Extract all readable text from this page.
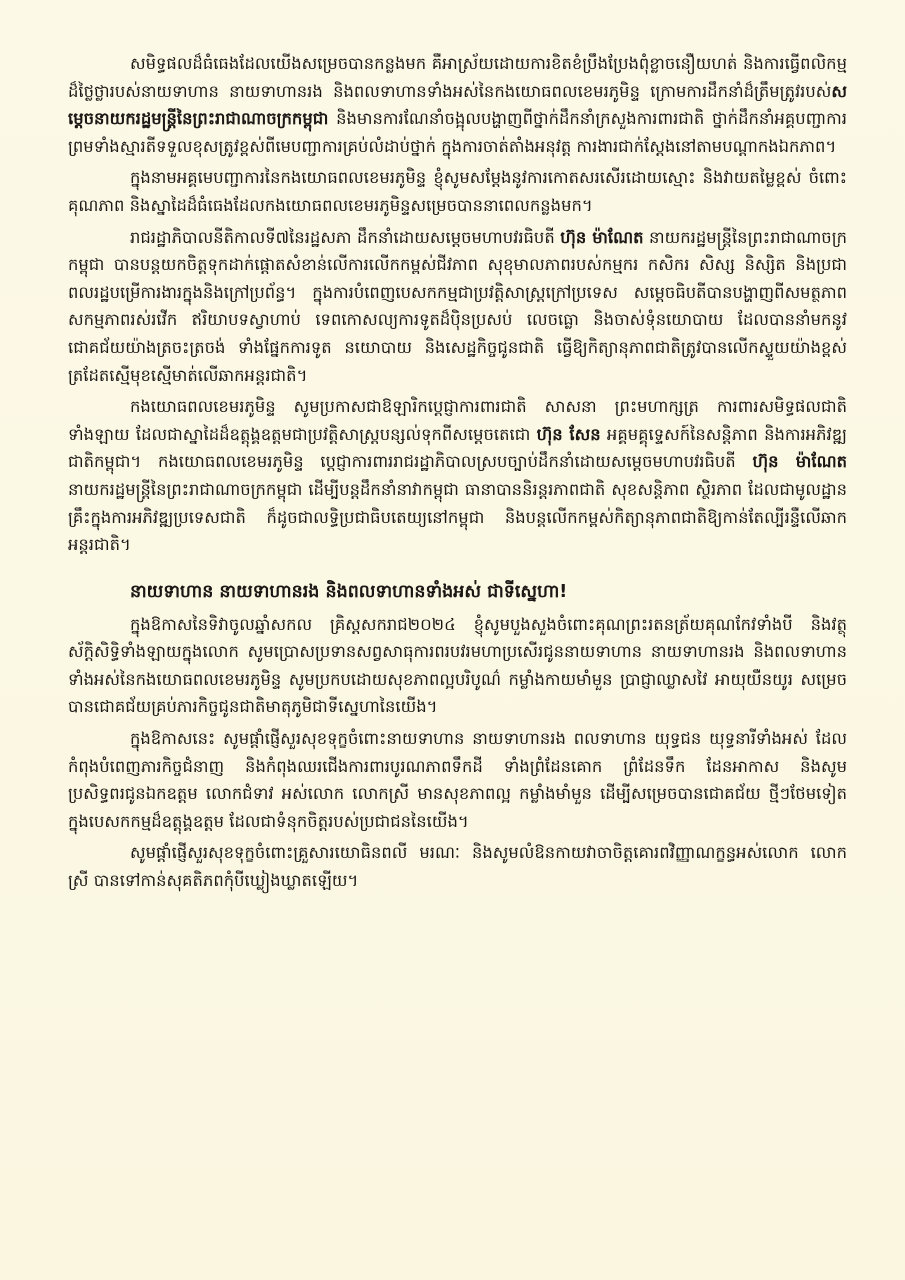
សមិទ្ធផលដ៏ធំធេងដែលយើងសម្រេចបានកន្លងមក គឺអាស្រ័យដោយការខិតខំប្រឹងប្រែងពុំខ្លាចនឿយហត់ និងការធ្វើពលិកម្មដ៏ថ្លៃថ្លារបស់នាយទាហាន នាយទាហានរង និងពលទាហានទាំងអស់នៃកងយោធពលខេមរភូមិន្ទ ក្រោមការដឹកនាំដ៏ត្រឹមត្រូវរបស់សម្តេចនាយករដ្ឋមន្ត្រីនៃព្រះរាជាណាចក្រកម្ពុជា និងមានការណែនាំចង្អុលបង្ហាញពីថ្នាក់ដឹកនាំក្រសួងការពារជាតិ ថ្នាក់ដឹកនាំអគ្គបញ្ជាការ ព្រមទាំងស្មារតីទទួលខុសត្រូវខ្ពស់ពីមេបញ្ជាការគ្រប់លំដាប់ថ្នាក់ ក្នុងការចាត់តាំងអនុវត្ត ការងារជាក់ស្តែងនៅតាមបណ្តាកងឯកភាព។

ក្នុងនាមអគ្គមេបញ្ជាការនៃកងយោធពលខេមរភូមិន្ទ ខ្ញុំសូមសម្តែងនូវការកោតសរសើរដោយស្មោះ និងវាយតម្លៃខ្ពស់ ចំពោះគុណភាព និងស្នាដៃដ៏ធំធេងដែលកងយោធពលខេមរភូមិន្ទសម្រេចបាននាពេលកន្លងមក។

រាជរដ្ឋាភិបាលនីតិកាលទី៧នៃរដ្ឋសភា ដឹកនាំដោយសម្តេចមហាបវរធិបតី ហ៊ុន ម៉ាណែត នាយករដ្ឋមន្ត្រីនៃព្រះរាជាណាចក្រកម្ពុជា បានបន្តយកចិត្តទុកដាក់ផ្តោតសំខាន់លើការលើកកម្ពស់ជីវភាព សុខុមាលភាពរបស់កម្មករ កសិករ សិស្ស និស្សិត និងប្រជាពលរដ្ឋបម្រើការងារក្នុងនិងក្រៅប្រព័ន្ធ។ ក្នុងការបំពេញបេសកកម្មជាប្រវត្តិសាស្ត្រក្រៅប្រទេស សម្តេចធិបតីបានបង្ហាញពីសមត្ថភាព សកម្មភាពរស់រវើក ឥរិយាបទស្វាហាប់ ទេពកោសល្យការទូតដ៏ប៉ិនប្រសប់ លេចធ្លោ និងចាស់ទុំនយោបាយ ដែលបាននាំមកនូវជោគជ័យយ៉ាងត្រចះត្រចង់ ទាំងផ្នែកការទូត នយោបាយ និងសេដ្ឋកិច្ចជូនជាតិ ធ្វើឱ្យកិត្យានុភាពជាតិត្រូវបានលើកស្ទួយយ៉ាងខ្ពស់ត្រដែតស្មើមុខស្មើមាត់លើឆាកអន្តរជាតិ។

កងយោធពលខេមរភូមិន្ទ សូមប្រកាសជាឱឡារិកប្តេជ្ញាការពារជាតិ សាសនា ព្រះមហាក្សត្រ ការពារសមិទ្ធផលជាតិទាំងឡាយ ដែលជាស្នាដៃដ៏ឧត្តុង្គឧត្តមជាប្រវត្តិសាស្ត្របន្សល់ទុកពីសម្តេចតេជោ ហ៊ុន សែន អគ្គមគ្គុទ្ទេសក៍នៃសន្តិភាព និងការអភិវឌ្ឍជាតិកម្ពុជា។ កងយោធពលខេមរភូមិន្ទ ប្តេជ្ញាការពាររាជរដ្ឋាភិបាលស្របច្បាប់ដឹកនាំដោយសម្តេចមហាបវរធិបតី ហ៊ុន ម៉ាណែត នាយករដ្ឋមន្ត្រីនៃព្រះរាជាណាចក្រកម្ពុជា ដើម្បីបន្តដឹកនាំនាវាកម្ពុជា ធានាបាននិរន្តរភាពជាតិ សុខសន្តិភាព ស្ថិរភាព ដែលជាមូលដ្ឋានគ្រឹះក្នុងការអភិវឌ្ឍប្រទេសជាតិ ក៏ដូចជាលទ្ធិប្រជាធិបតេយ្យនៅកម្ពុជា និងបន្តលើកកម្ពស់កិត្យានុភាពជាតិឱ្យកាន់តែល្បីរន្ទឺលើឆាកអន្តរជាតិ។

នាយទាហាន នាយទាហានរង និងពលទាហានទាំងអស់ ជាទីស្នេហា!

ក្នុងឱកាសនៃទិវាចូលឆ្នាំសកល គ្រិស្តសករាជ២០២៤ ខ្ញុំសូមបួងសួងចំពោះគុណព្រះរតនត្រ័យគុណកែវទាំងបី និងវត្ថុស័ក្តិសិទ្ធិទាំងឡាយក្នុងលោក សូមប្រោសប្រទានសព្វសាធុការពរបវរមហាប្រសើរជូននាយទាហាន នាយទាហានរង និងពលទាហានទាំងអស់នៃកងយោធពលខេមរភូមិន្ទ សូមប្រកបដោយសុខភាពល្អបរិបូណ៌ កម្លាំងកាយមាំមួន ប្រាជ្ញាឈ្លាសវៃ អាយុយឺនយូរ សម្រេចបានជោគជ័យគ្រប់ភារកិច្ចជូនជាតិមាតុភូមិជាទីស្នេហានៃយើង។

ក្នុងឱកាសនេះ សូមផ្តាំផ្ញើសួរសុខទុក្ខចំពោះនាយទាហាន នាយទាហានរង ពលទាហាន យុទ្ធជន យុទ្ធនារីទាំងអស់ ដែលកំពុងបំពេញភារកិច្ចជំនាញ និងកំពុងឈរជើងការពារបូរណភាពទឹកដី ទាំងព្រំដែនគោក ព្រំដែនទឹក ដែនអាកាស និងសូមប្រសិទ្ធពរជូនឯកឧត្តម លោកជំទាវ អស់លោក លោកស្រី មានសុខភាពល្អ កម្លាំងមាំមួន ដើម្បីសម្រេចបានជោគជ័យ ថ្មីៗថែមទៀតក្នុងបេសកកម្មដ៏ឧត្តុង្គឧត្តម ដែលជាទំនុកចិត្តរបស់ប្រជាជននៃយើង។

សូមផ្តាំផ្ញើសួរសុខទុក្ខចំពោះគ្រួសារយោធិនពលី មរណៈ និងសូមលំឱនកាយវាចាចិត្តគោរពវិញ្ញាណក្ខន្ធអស់លោក លោកស្រី បានទៅកាន់សុគតិភពកុំបីឃ្លៀងឃ្លាតឡើយ។
